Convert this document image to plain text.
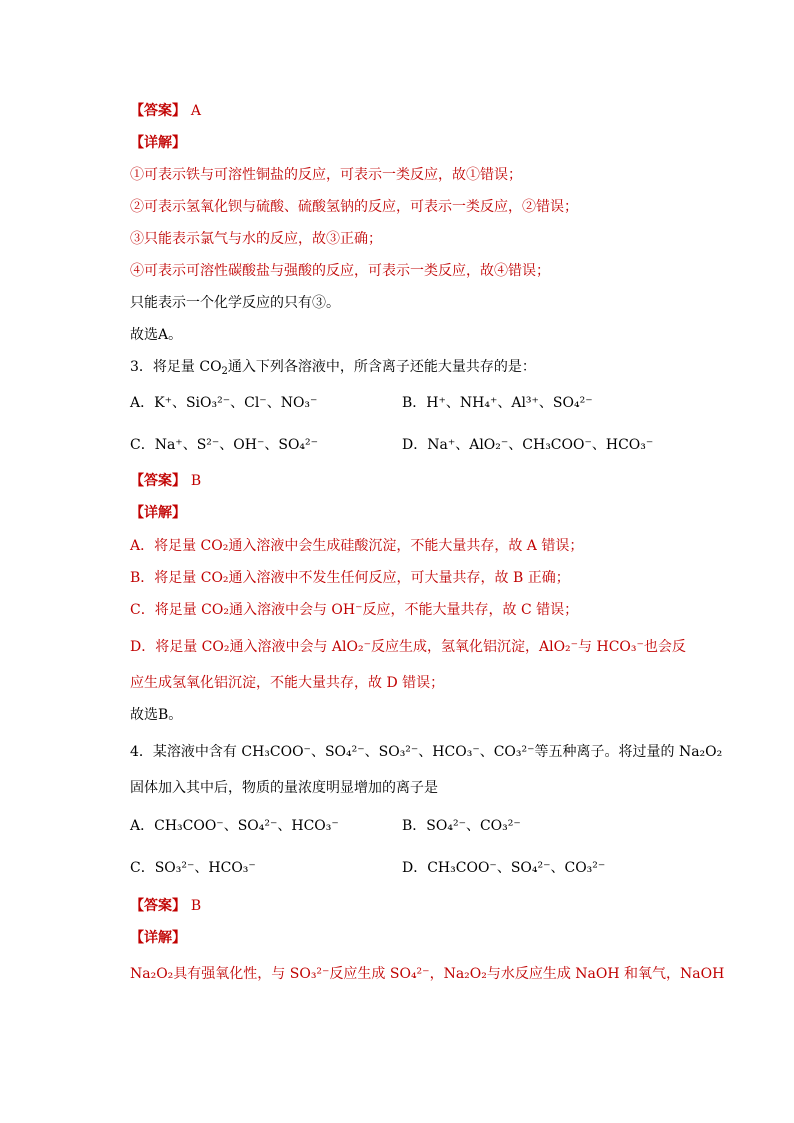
【答案】 A
【详解】
①可表示铁与可溶性铜盐的反应，可表示一类反应，故①错误；
②可表示氢氧化钡与硫酸、硫酸氢钠的反应，可表示一类反应，②错误；
③只能表示氯气与水的反应，故③正确；
④可表示可溶性碳酸盐与强酸的反应，可表示一类反应，故④错误；
只能表示一个化学反应的只有③。
故选A。
3．将足量 $CO_2$通入下列各溶液中，所含离子还能大量共存的是：
A．K⁺、SiO₃²⁻、Cl⁻、NO₃⁻	B．H⁺、NH₄⁺、Al³⁺、SO₄²⁻
C．Na⁺、S²⁻、OH⁻、SO₄²⁻	D．Na⁺、AlO₂⁻、CH₃COO⁻、HCO₃⁻
【答案】 B
【详解】
A．将足量 CO₂通入溶液中会生成硅酸沉淀，不能大量共存，故 A 错误；
B．将足量 CO₂通入溶液中不发生任何反应，可大量共存，故 B 正确；
C．将足量 CO₂通入溶液中会与 OH⁻反应，不能大量共存，故 C 错误；
D．将足量 CO₂通入溶液中会与 AlO₂⁻反应生成，氢氧化铝沉淀，AlO₂⁻与 HCO₃⁻也会反
应生成氢氧化铝沉淀，不能大量共存，故 D 错误；
故选B。
4．某溶液中含有 CH₃COO⁻、SO₄²⁻、SO₃²⁻、HCO₃⁻、CO₃²⁻等五种离子。将过量的 Na₂O₂
固体加入其中后，物质的量浓度明显增加的离子是
A．CH₃COO⁻、SO₄²⁻、HCO₃⁻	B．SO₄²⁻、CO₃²⁻
C．SO₃²⁻、HCO₃⁻	D．CH₃COO⁻、SO₄²⁻、CO₃²⁻
【答案】 B
【详解】
Na₂O₂具有强氧化性，与 SO₃²⁻反应生成 SO₄²⁻，Na₂O₂与水反应生成 NaOH 和氧气，NaOH
